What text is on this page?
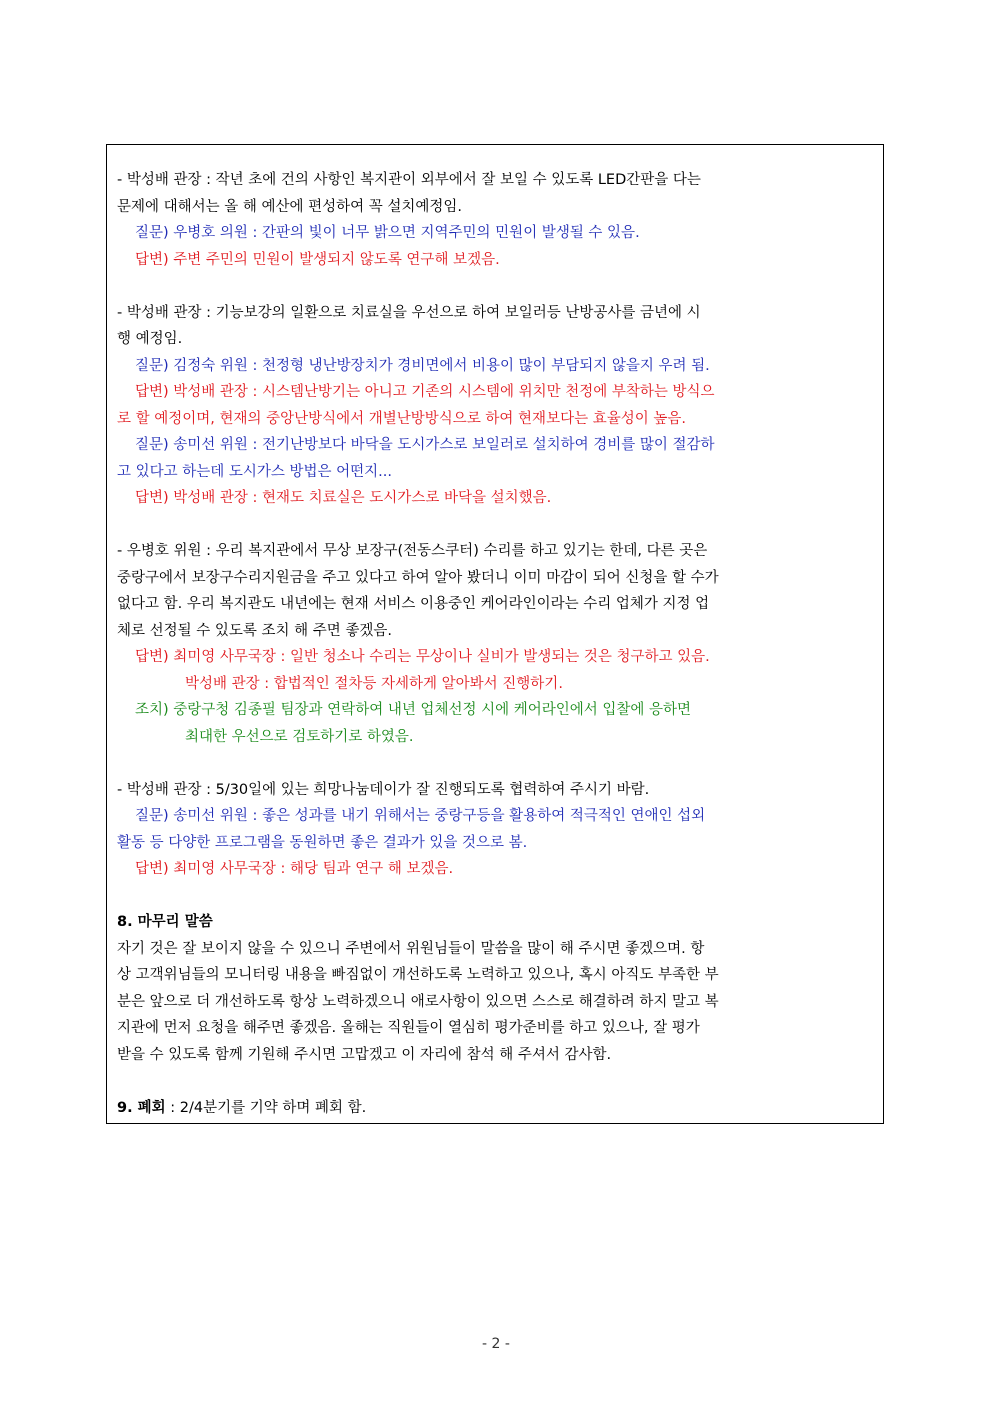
- 박성배 관장 : 작년 초에 건의 사항인 복지관이 외부에서 잘 보일 수 있도록 LED간판을 다는
문제에 대해서는 올 해 예산에 편성하여 꼭 설치예정임.

질문) 우병호 의원 : 간판의 빛이 너무 밝으면 지역주민의 민원이 발생될 수 있음.

답변) 주변 주민의 민원이 발생되지 않도록 연구해 보겠음.

- 박성배 관장 : 기능보강의 일환으로 치료실을 우선으로 하여 보일러등 난방공사를 금년에 시
행 예정임.

질문) 김정숙 위원 : 천정형 냉난방장치가 경비면에서 비용이 많이 부담되지 않을지 우려 됨.

답변) 박성배 관장 : 시스템난방기는 아니고 기존의 시스템에 위치만 천정에 부착하는 방식으
로 할 예정이며, 현재의 중앙난방식에서 개별난방방식으로 하여 현재보다는 효율성이 높음.

질문) 송미선 위원 : 전기난방보다 바닥을 도시가스로 보일러로 설치하여 경비를 많이 절감하
고 있다고 하는데 도시가스 방법은 어떤지...

답변) 박성배 관장 : 현재도 치료실은 도시가스로 바닥을 설치했음.

- 우병호 위원 : 우리 복지관에서 무상 보장구(전동스쿠터) 수리를 하고 있기는 한데, 다른 곳은
중랑구에서 보장구수리지원금을 주고 있다고 하여 알아 봤더니 이미 마감이 되어 신청을 할 수가
없다고 함. 우리 복지관도 내년에는 현재 서비스 이용중인 케어라인이라는 수리 업체가 지정 업
체로 선정될 수 있도록 조치 해 주면 좋겠음.

답변) 최미영 사무국장 : 일반 청소나 수리는 무상이나 실비가 발생되는 것은 청구하고 있음.
박성배 관장 : 합법적인 절차등 자세하게 알아봐서 진행하기.

조치) 중랑구청 김종필 팀장과 연락하여 내년 업체선정 시에 케어라인에서 입찰에 응하면
최대한 우선으로 검토하기로 하였음.

- 박성배 관장 : 5/30일에 있는 희망나눔데이가 잘 진행되도록 협력하여 주시기 바람.

질문) 송미선 위원 : 좋은 성과를 내기 위해서는 중랑구등을 활용하여 적극적인 연애인 섭외
활동 등 다양한 프로그램을 동원하면 좋은 결과가 있을 것으로 봄.

답변) 최미영 사무국장 : 해당 팀과 연구 해 보겠음.

8. 마무리 말씀

자기 것은 잘 보이지 않을 수 있으니 주변에서 위원님들이 말씀을 많이 해 주시면 좋겠으며. 항
상 고객위님들의 모니터링 내용을 빠짐없이 개선하도록 노력하고 있으나, 혹시 아직도 부족한 부
분은 앞으로 더 개선하도록 항상 노력하겠으니 애로사항이 있으면 스스로 해결하려 하지 말고 복
지관에 먼저 요청을 해주면 좋겠음. 올해는 직원들이 열심히 평가준비를 하고 있으나, 잘 평가
받을 수 있도록 함께 기원해 주시면 고맙겠고 이 자리에 참석 해 주셔서 감사함.

9. 폐회 : 2/4분기를 기약 하며 폐회 함.

- 2 -
